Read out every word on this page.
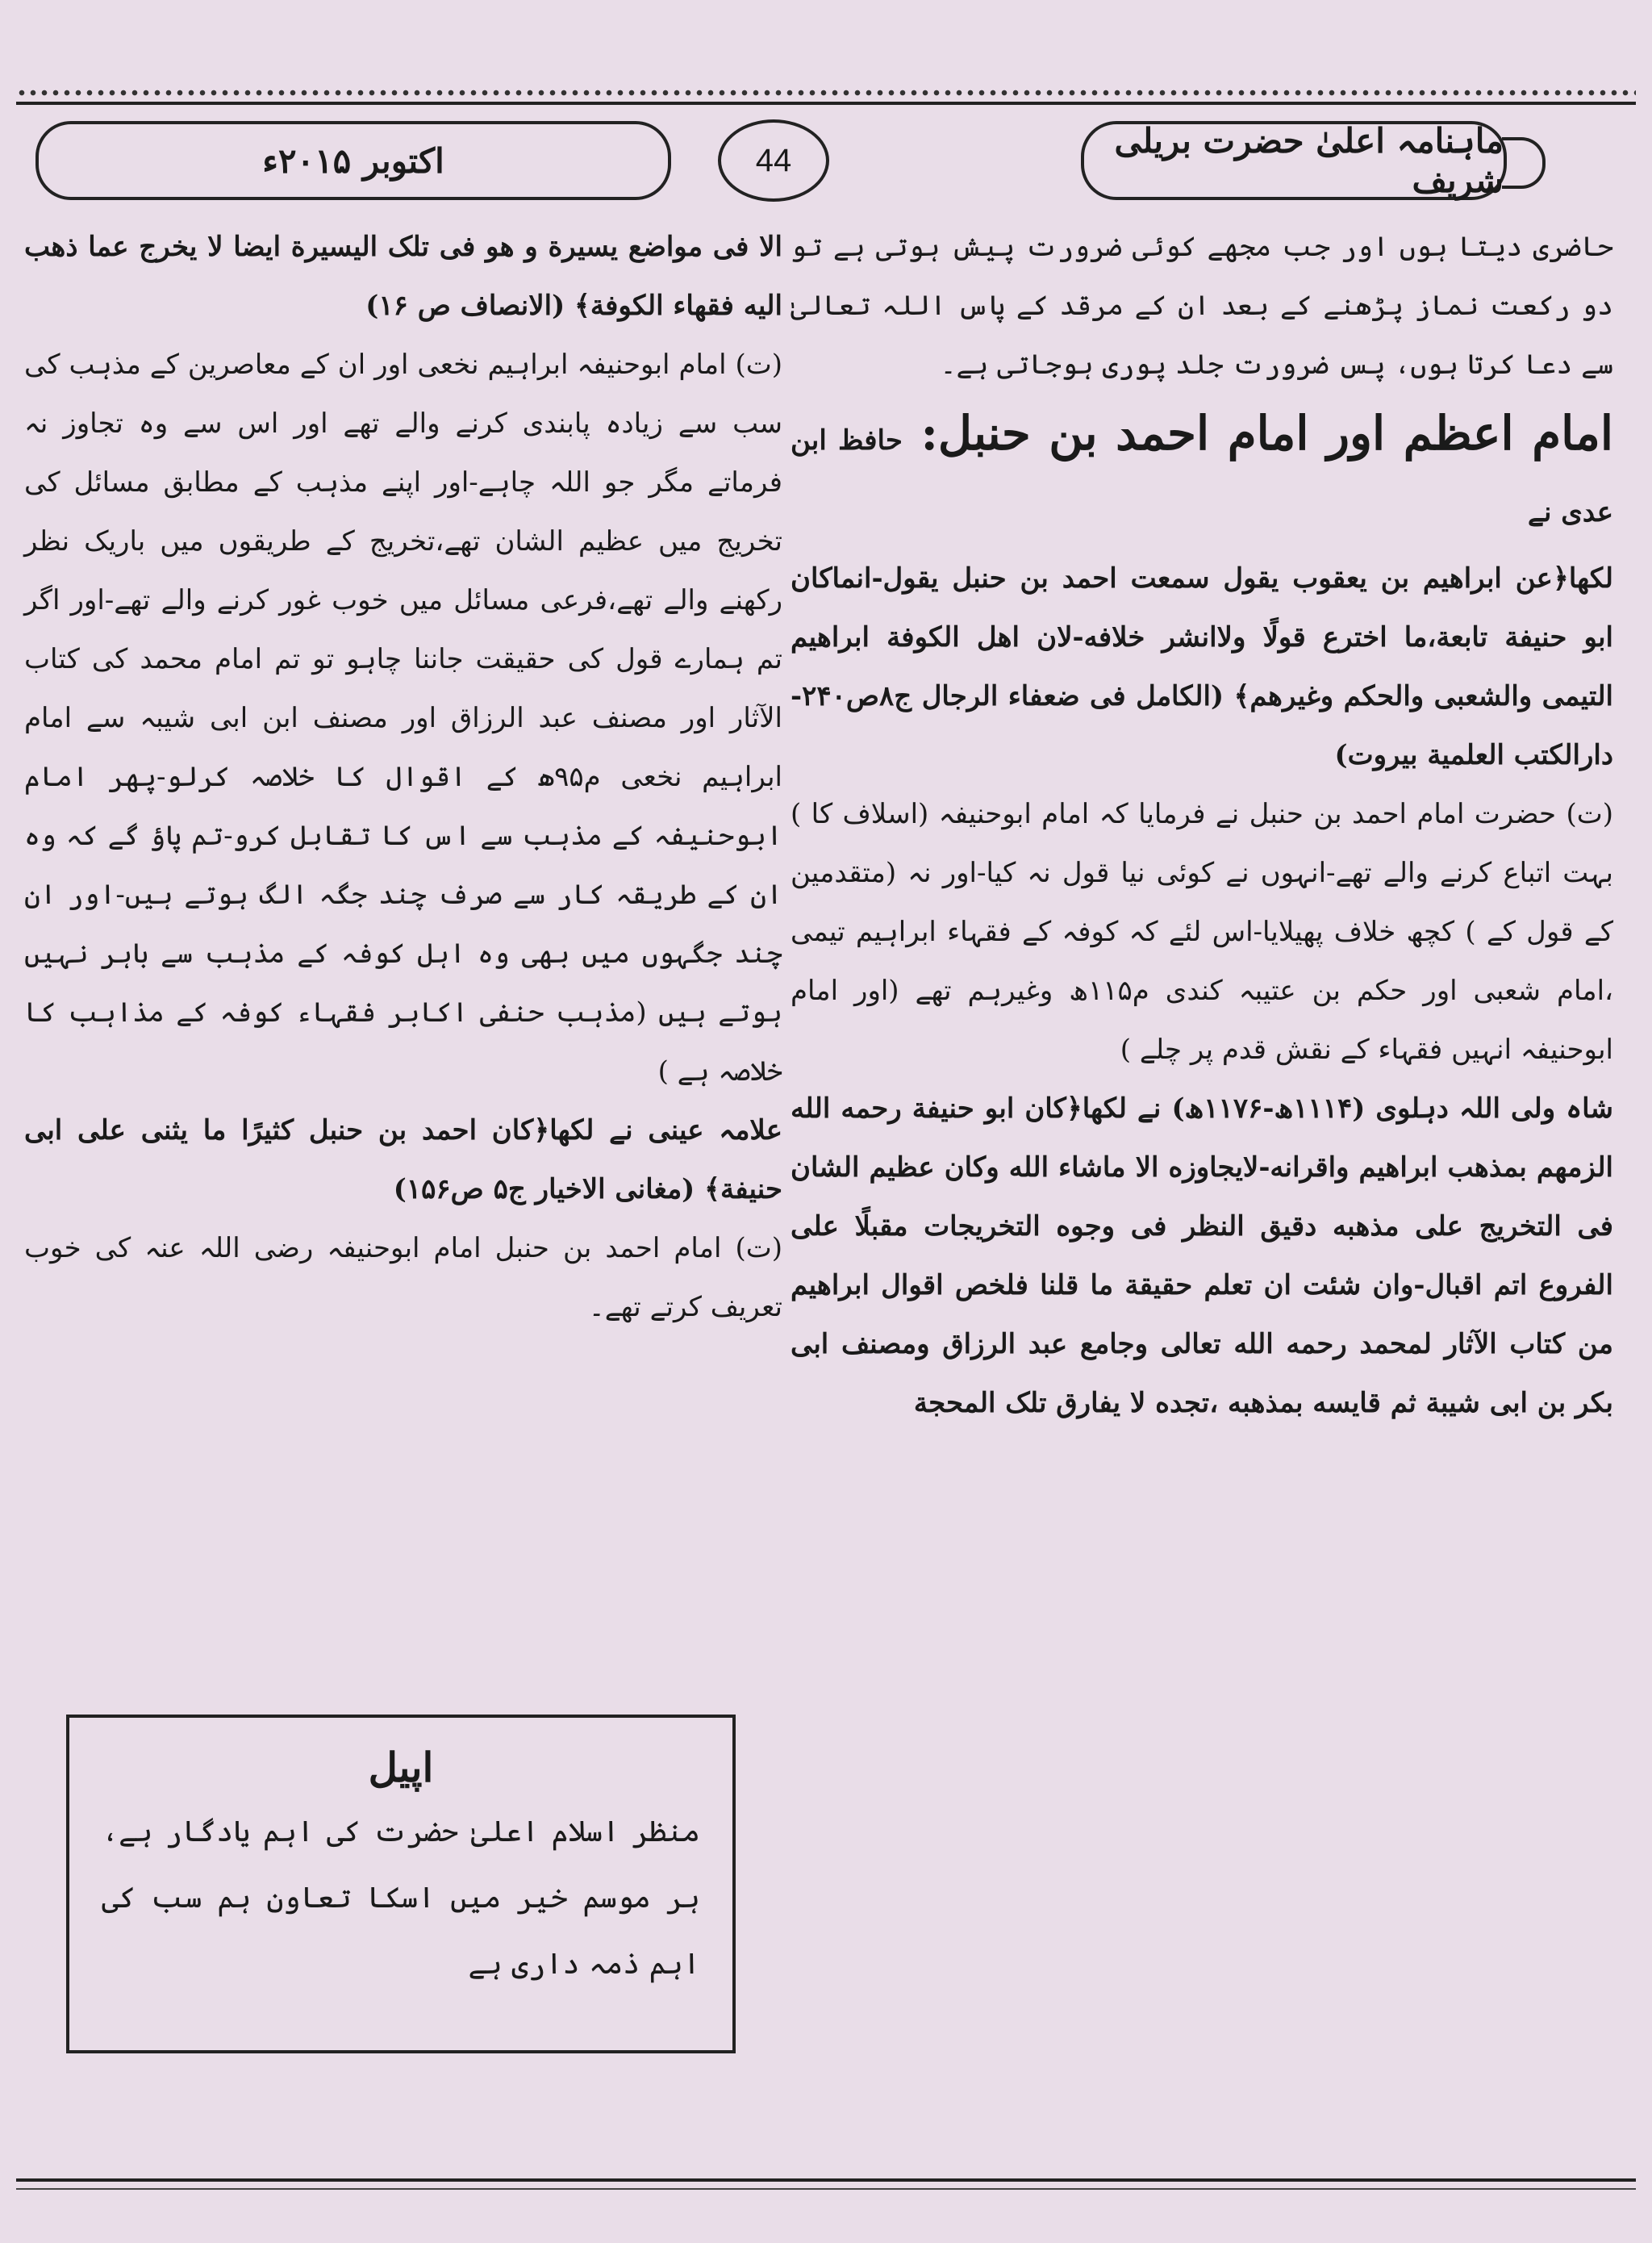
اکتوبر ۲۰۱۵ء	44	ماہنامہ اعلیٰ حضرت بریلی شریف

حاضری دیتا ہوں اور جب مجھے کوئی ضرورت پیش ہوتی ہے تو دو رکعت نماز پڑھنے کے بعد ان کے مرقد کے پاس اللہ تعالیٰ سے دعا کرتا ہوں، پس ضرورت جلد پوری ہوجاتی ہے۔

امام اعظم اور امام احمد بن حنبل: حافظ ابن عدی نے

لکھا﴿عن ابراھیم بن یعقوب یقول سمعت احمد بن حنبل یقول-انماکان ابو حنیفة تابعة،ما اخترع قولًا ولاانشر خلافه-لان اھل الکوفة ابراھیم التیمی والشعبی والحکم وغیرھم﴾ (الکامل فی ضعفاء الرجال ج۸ص۲۴۰-دارالکتب العلمیة بیروت)

(ت) حضرت امام احمد بن حنبل نے فرمایا کہ امام ابوحنیفہ (اسلاف کا ) بہت اتباع کرنے والے تھے-انہوں نے کوئی نیا قول نہ کیا-اور نہ (متقدمین کے قول کے ) کچھ خلاف پھیلایا-اس لئے کہ کوفہ کے فقہاء ابراہیم تیمی ،امام شعبی اور حکم بن عتیبہ کندی م۱۱۵ھ وغیرہم تھے (اور امام ابوحنیفہ انہیں فقہاء کے نقش قدم پر چلے )

شاہ ولی اللہ دہلوی (۱۱۱۴ھ-۱۱۷۶ھ) نے لکھا﴿کان ابو حنیفة رحمه الله الزمھم بمذھب ابراھیم واقرانه-لایجاوزه الا ماشاء الله وکان عظیم الشان فی التخریج علی مذھبه دقیق النظر فی وجوه التخریجات مقبلًا علی الفروع اتم اقبال-وان شئت ان تعلم حقیقة ما قلنا فلخص اقوال ابراھیم من کتاب الآثار لمحمد رحمه الله تعالی وجامع عبد الرزاق ومصنف ابی بکر بن ابی شیبة ثم قایسه بمذھبه ،تجده لا یفارق تلک المحجة

الا فی مواضع یسیرة و ھو فی تلک الیسیرة ایضا لا یخرج عما ذھب الیه فقھاء الکوفة﴾ (الانصاف ص ۱۶)

(ت) امام ابوحنیفہ ابراہیم نخعی اور ان کے معاصرین کے مذہب کی سب سے زیادہ پابندی کرنے والے تھے اور اس سے وہ تجاوز نہ فرماتے مگر جو اللہ چاہے-اور اپنے مذہب کے مطابق مسائل کی تخریج میں عظیم الشان تھے،تخریج کے طریقوں میں باریک نظر رکھنے والے تھے،فرعی مسائل میں خوب غور کرنے والے تھے-اور اگر تم ہمارے قول کی حقیقت جاننا چاہو تو تم امام محمد کی کتاب الآثار اور مصنف عبد الرزاق اور مصنف ابن ابی شیبہ سے امام ابراہیم نخعی م۹۵ھ کے اقوال کا خلاصہ کرلو-پھر امام ابوحنیفہ کے مذہب سے اس کا تقابل کرو-تم پاؤ گے کہ وہ ان کے طریقہ کار سے صرف چند جگہ الگ ہوتے ہیں-اور ان چند جگہوں میں بھی وہ اہل کوفہ کے مذہب سے باہر نہیں ہوتے ہیں (مذہب حنفی اکابر فقہاء کوفہ کے مذاہب کا خلاصہ ہے )

علامہ عینی نے لکھا﴿کان احمد بن حنبل کثیرًا ما یثنی علی ابی حنیفة﴾ (مغانی الاخیار ج۵ ص۱۵۶)

(ت) امام احمد بن حنبل امام ابوحنیفہ رضی اللہ عنہ کی خوب تعریف کرتے تھے۔

اپیل
منظر اسلام اعلیٰ حضرت کی اہم یادگار ہے، ہر موسم خیر میں اسکا تعاون ہم سب کی اہم ذمہ داری ہے
